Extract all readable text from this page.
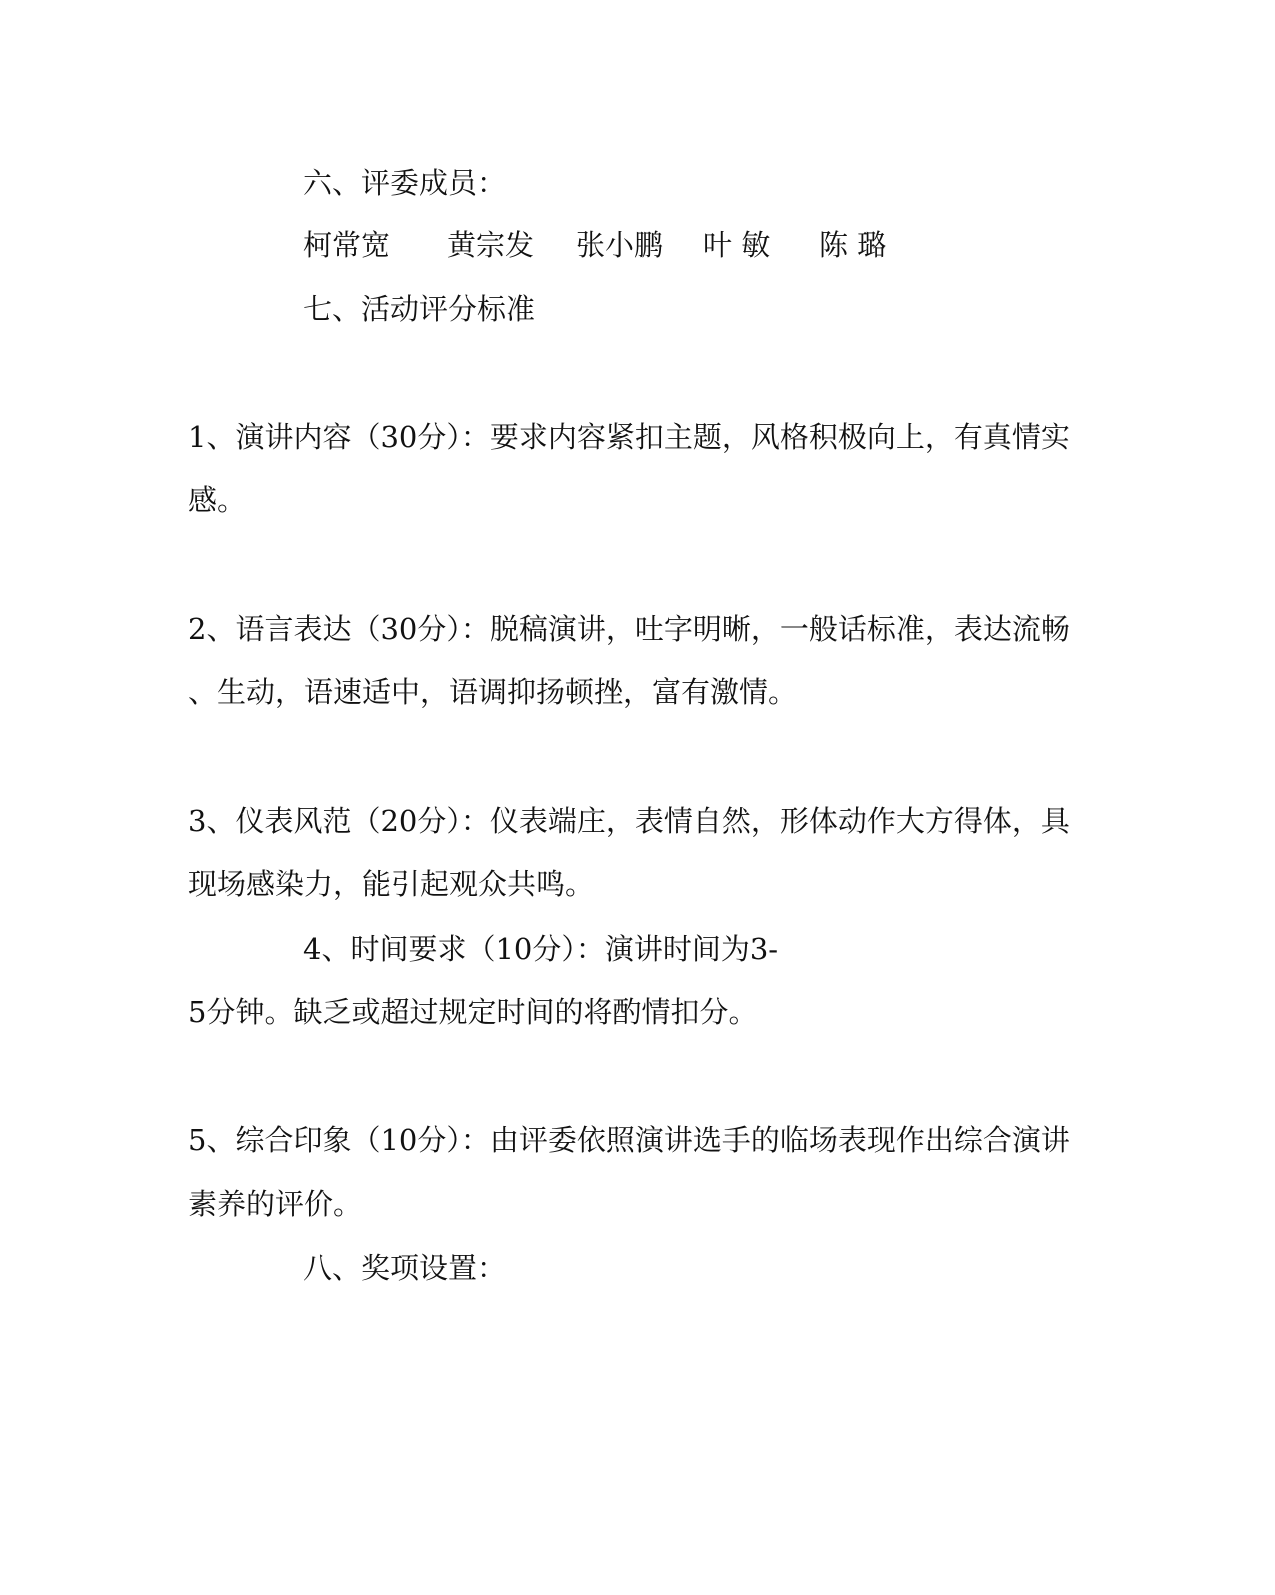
六、评委成员：
柯常宽 黄宗发 张小鹏 叶 敏 陈 璐
七、活动评分标准
1、演讲内容（30分）：要求内容紧扣主题，风格积极向上，有真情实
感。
2、语言表达（30分）：脱稿演讲，吐字明晰，一般话标准，表达流畅
、生动，语速适中，语调抑扬顿挫，富有激情。
3、仪表风范（20分）：仪表端庄，表情自然，形体动作大方得体，具
现场感染力，能引起观众共鸣。
4、时间要求（10分）：演讲时间为3-
5分钟。缺乏或超过规定时间的将酌情扣分。
5、综合印象（10分）：由评委依照演讲选手的临场表现作出综合演讲
素养的评价。
八、奖项设置：
